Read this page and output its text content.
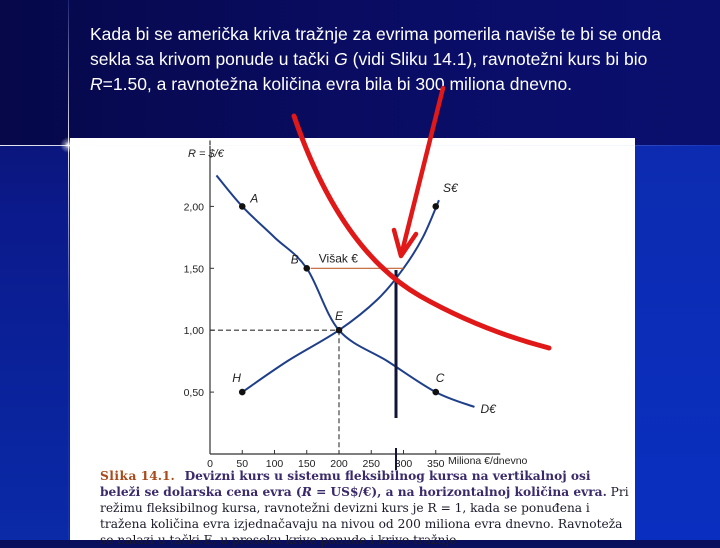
Kada bi se američka kriva tražnje za evrima pomerila naviše te bi se onda sekla sa krivom ponude u tački G (vidi Sliku 14.1), ravnotežni kurs bi bio R=1.50, a ravnotežna količina evra bila bi 300 miliona dnevno.

R = $/€
Miliona €/dnevno
0 50 100 150 200 250 300 350
0,50
1,00
1,50
2,00
D€
S€
Višak €
A
B
E
H	C

Slika 14.1. Devizni kurs u sistemu fleksibilnog kursa na vertikalnoj osi beleži se dolarska cena evra (R = US$/€), a na horizontalnoj količina evra. Pri režimu fleksibilnog kursa, ravnotežni devizni kurs je R = 1, kada se ponuđena i tražena količina evra izjednačavaju na nivou od 200 miliona evra dnevno. Ravnoteža se nalazi u tački E, u preseku krive ponude i krive tražnje
